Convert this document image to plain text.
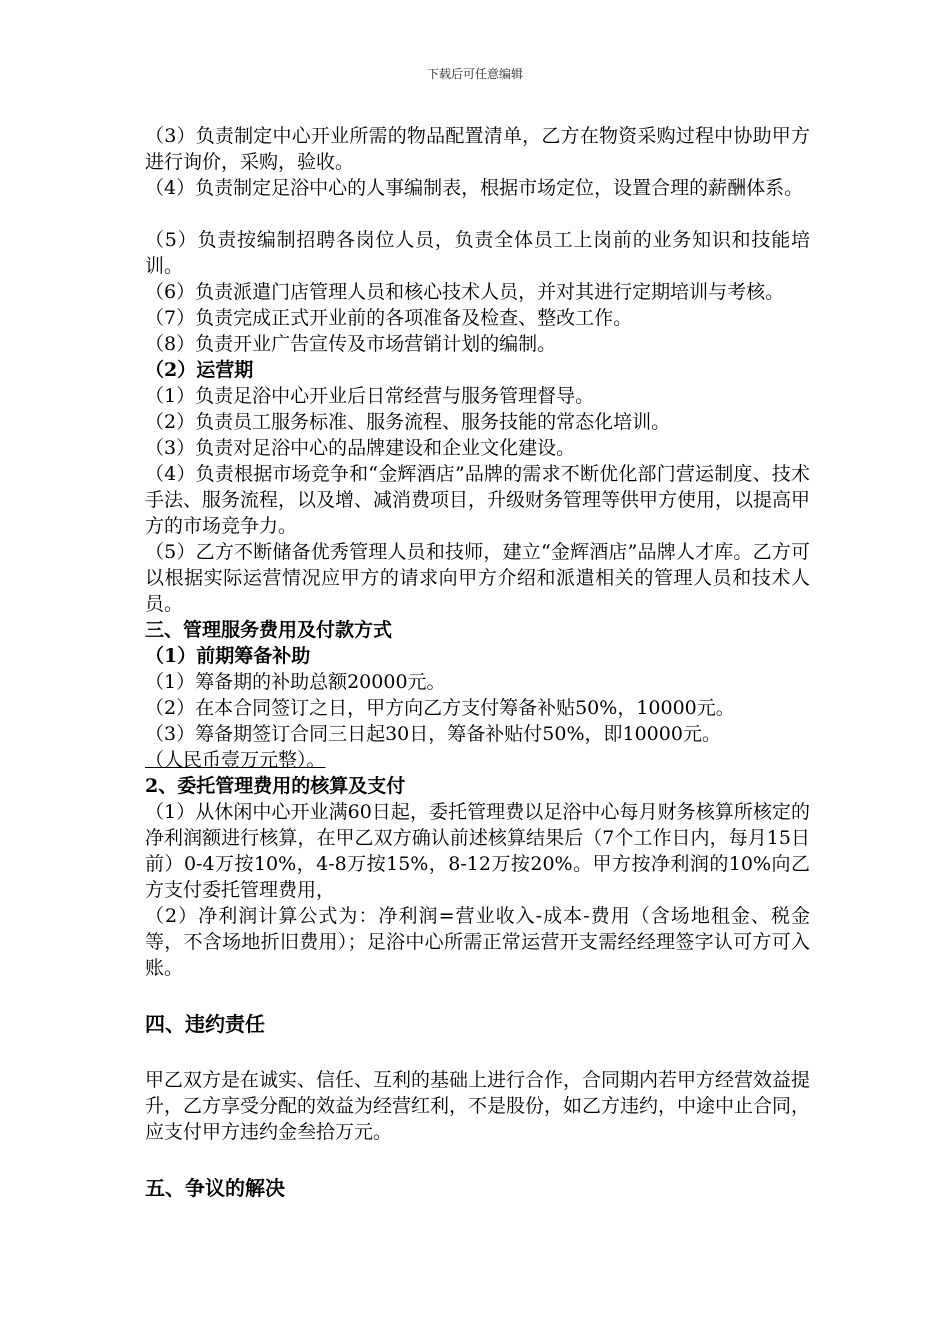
下载后可任意编辑

（3）负责制定中心开业所需的物品配置清单，乙方在物资采购过程中协助甲方进行询价，采购，验收。

（4）负责制定足浴中心的人事编制表，根据市场定位，设置合理的薪酬体系。

（5）负责按编制招聘各岗位人员，负责全体员工上岗前的业务知识和技能培训。

（6）负责派遣门店管理人员和核心技术人员，并对其进行定期培训与考核。

（7）负责完成正式开业前的各项准备及检查、整改工作。

（8）负责开业广告宣传及市场营销计划的编制。

（2）运营期

（1）负责足浴中心开业后日常经营与服务管理督导。

（2）负责员工服务标准、服务流程、服务技能的常态化培训。

（3）负责对足浴中心的品牌建设和企业文化建设。

（4）负责根据市场竞争和“金辉酒店”品牌的需求不断优化部门营运制度、技术手法、服务流程，以及增、减消费项目，升级财务管理等供甲方使用，以提高甲方的市场竞争力。

（5）乙方不断储备优秀管理人员和技师，建立“金辉酒店”品牌人才库。乙方可以根据实际运营情况应甲方的请求向甲方介绍和派遣相关的管理人员和技术人员。

三、管理服务费用及付款方式

（1）前期筹备补助

（1）筹备期的补助总额20000元。

（2）在本合同签订之日，甲方向乙方支付筹备补贴50%，10000元。

（3）筹备期签订合同三日起30日，筹备补贴付50%，即10000元。

（人民币壹万元整）。

2、委托管理费用的核算及支付

（1）从休闲中心开业满60日起，委托管理费以足浴中心每月财务核算所核定的净利润额进行核算，在甲乙双方确认前述核算结果后（7个工作日内，每月15日前）0-4万按10%，4-8万按15%，8-12万按20%。甲方按净利润的10%向乙方支付委托管理费用，

（2）净利润计算公式为：净利润=营业收入-成本-费用（含场地租金、税金等，不含场地折旧费用）；足浴中心所需正常运营开支需经经理签字认可方可入账。

四、违约责任

甲乙双方是在诚实、信任、互利的基础上进行合作，合同期内若甲方经营效益提升，乙方享受分配的效益为经营红利，不是股份，如乙方违约，中途中止合同，应支付甲方违约金叁拾万元。

五、争议的解决
